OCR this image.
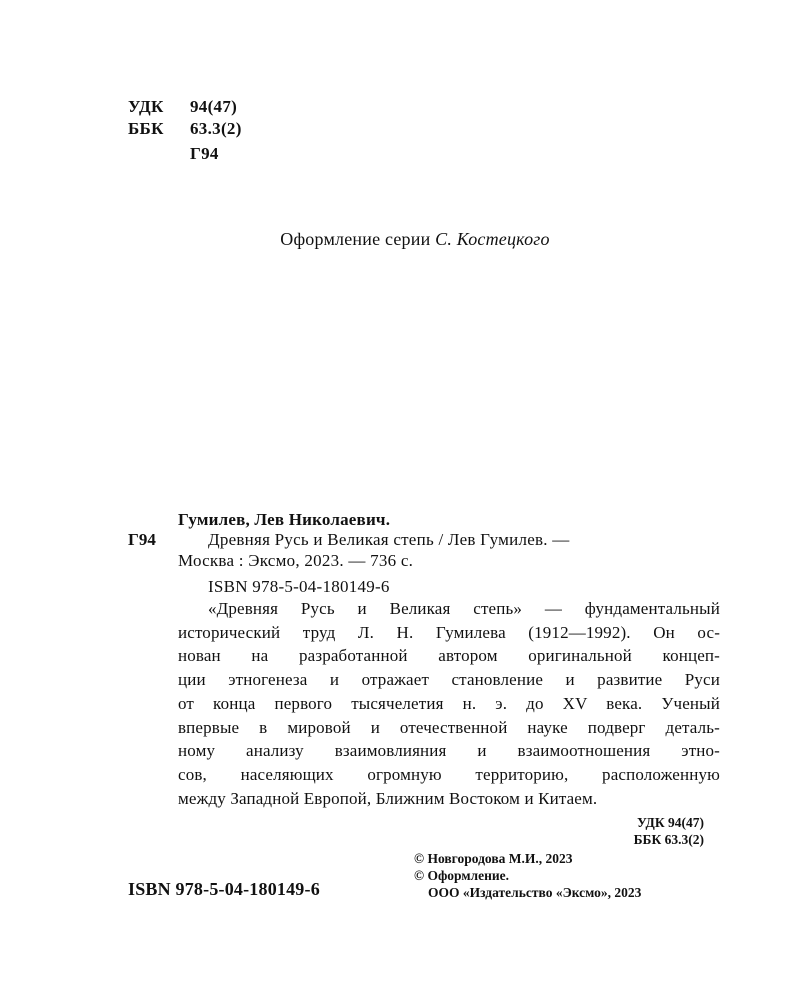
УДК 94(47)
ББК 63.3(2)
Г94
Оформление серии С. Костецкого
Гумилев, Лев Николаевич.
Г94	Древняя Русь и Великая степь / Лев Гумилев. —
Москва : Эксмо, 2023. — 736 с.
ISBN 978-5-04-180149-6
«Древняя Русь и Великая степь» — фундаментальный
исторический труд Л. Н. Гумилева (1912—1992). Он ос-
нован на разработанной автором оригинальной концеп-
ции этногенеза и отражает становление и развитие Руси
от конца первого тысячелетия н. э. до XV века. Ученый
впервые в мировой и отечественной науке подверг деталь-
ному анализу взаимовлияния и взаимоотношения этно-
сов, населяющих огромную территорию, расположенную
между Западной Европой, Ближним Востоком и Китаем.
УДК 94(47)
ББК 63.3(2)
© Новгородова М.И., 2023
© Оформление.
ООО «Издательство «Эксмо», 2023
ISBN 978-5-04-180149-6
